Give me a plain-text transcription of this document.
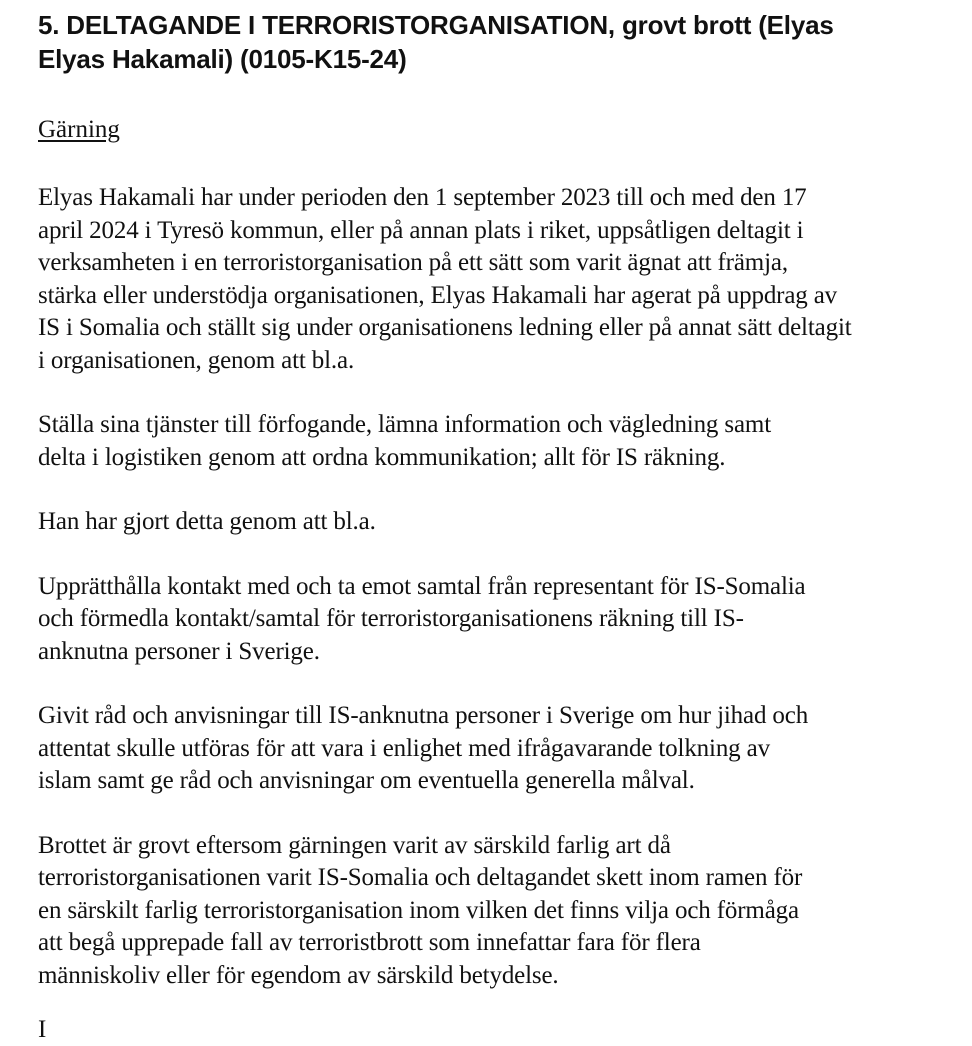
5. DELTAGANDE I TERRORISTORGANISATION, grovt brott (Elyas
Elyas Hakamali) (0105-K15-24)
Gärning

Elyas Hakamali har under perioden den 1 september 2023 till och med den 17
april 2024 i Tyresö kommun, eller på annan plats i riket, uppsåtligen deltagit i
verksamheten i en terroristorganisation på ett sätt som varit ägnat att främja,
stärka eller understödja organisationen, Elyas Hakamali har agerat på uppdrag av
IS i Somalia och ställt sig under organisationens ledning eller på annat sätt deltagit
i organisationen, genom att bl.a.

Ställa sina tjänster till förfogande, lämna information och vägledning samt
delta i logistiken genom att ordna kommunikation; allt för IS räkning.

Han har gjort detta genom att bl.a.

Upprätthålla kontakt med och ta emot samtal från representant för IS-Somalia
och förmedla kontakt/samtal för terroristorganisationens räkning till IS-
anknutna personer i Sverige.

Givit råd och anvisningar till IS-anknutna personer i Sverige om hur jihad och
attentat skulle utföras för att vara i enlighet med ifrågavarande tolkning av
islam samt ge råd och anvisningar om eventuella generella målval.

Brottet är grovt eftersom gärningen varit av särskild farlig art då
terroristorganisationen varit IS-Somalia och deltagandet skett inom ramen för
en särskilt farlig terroristorganisation inom vilken det finns vilja och förmåga
att begå upprepade fall av terroristbrott som innefattar fara för flera
människoliv eller för egendom av särskild betydelse.

I
